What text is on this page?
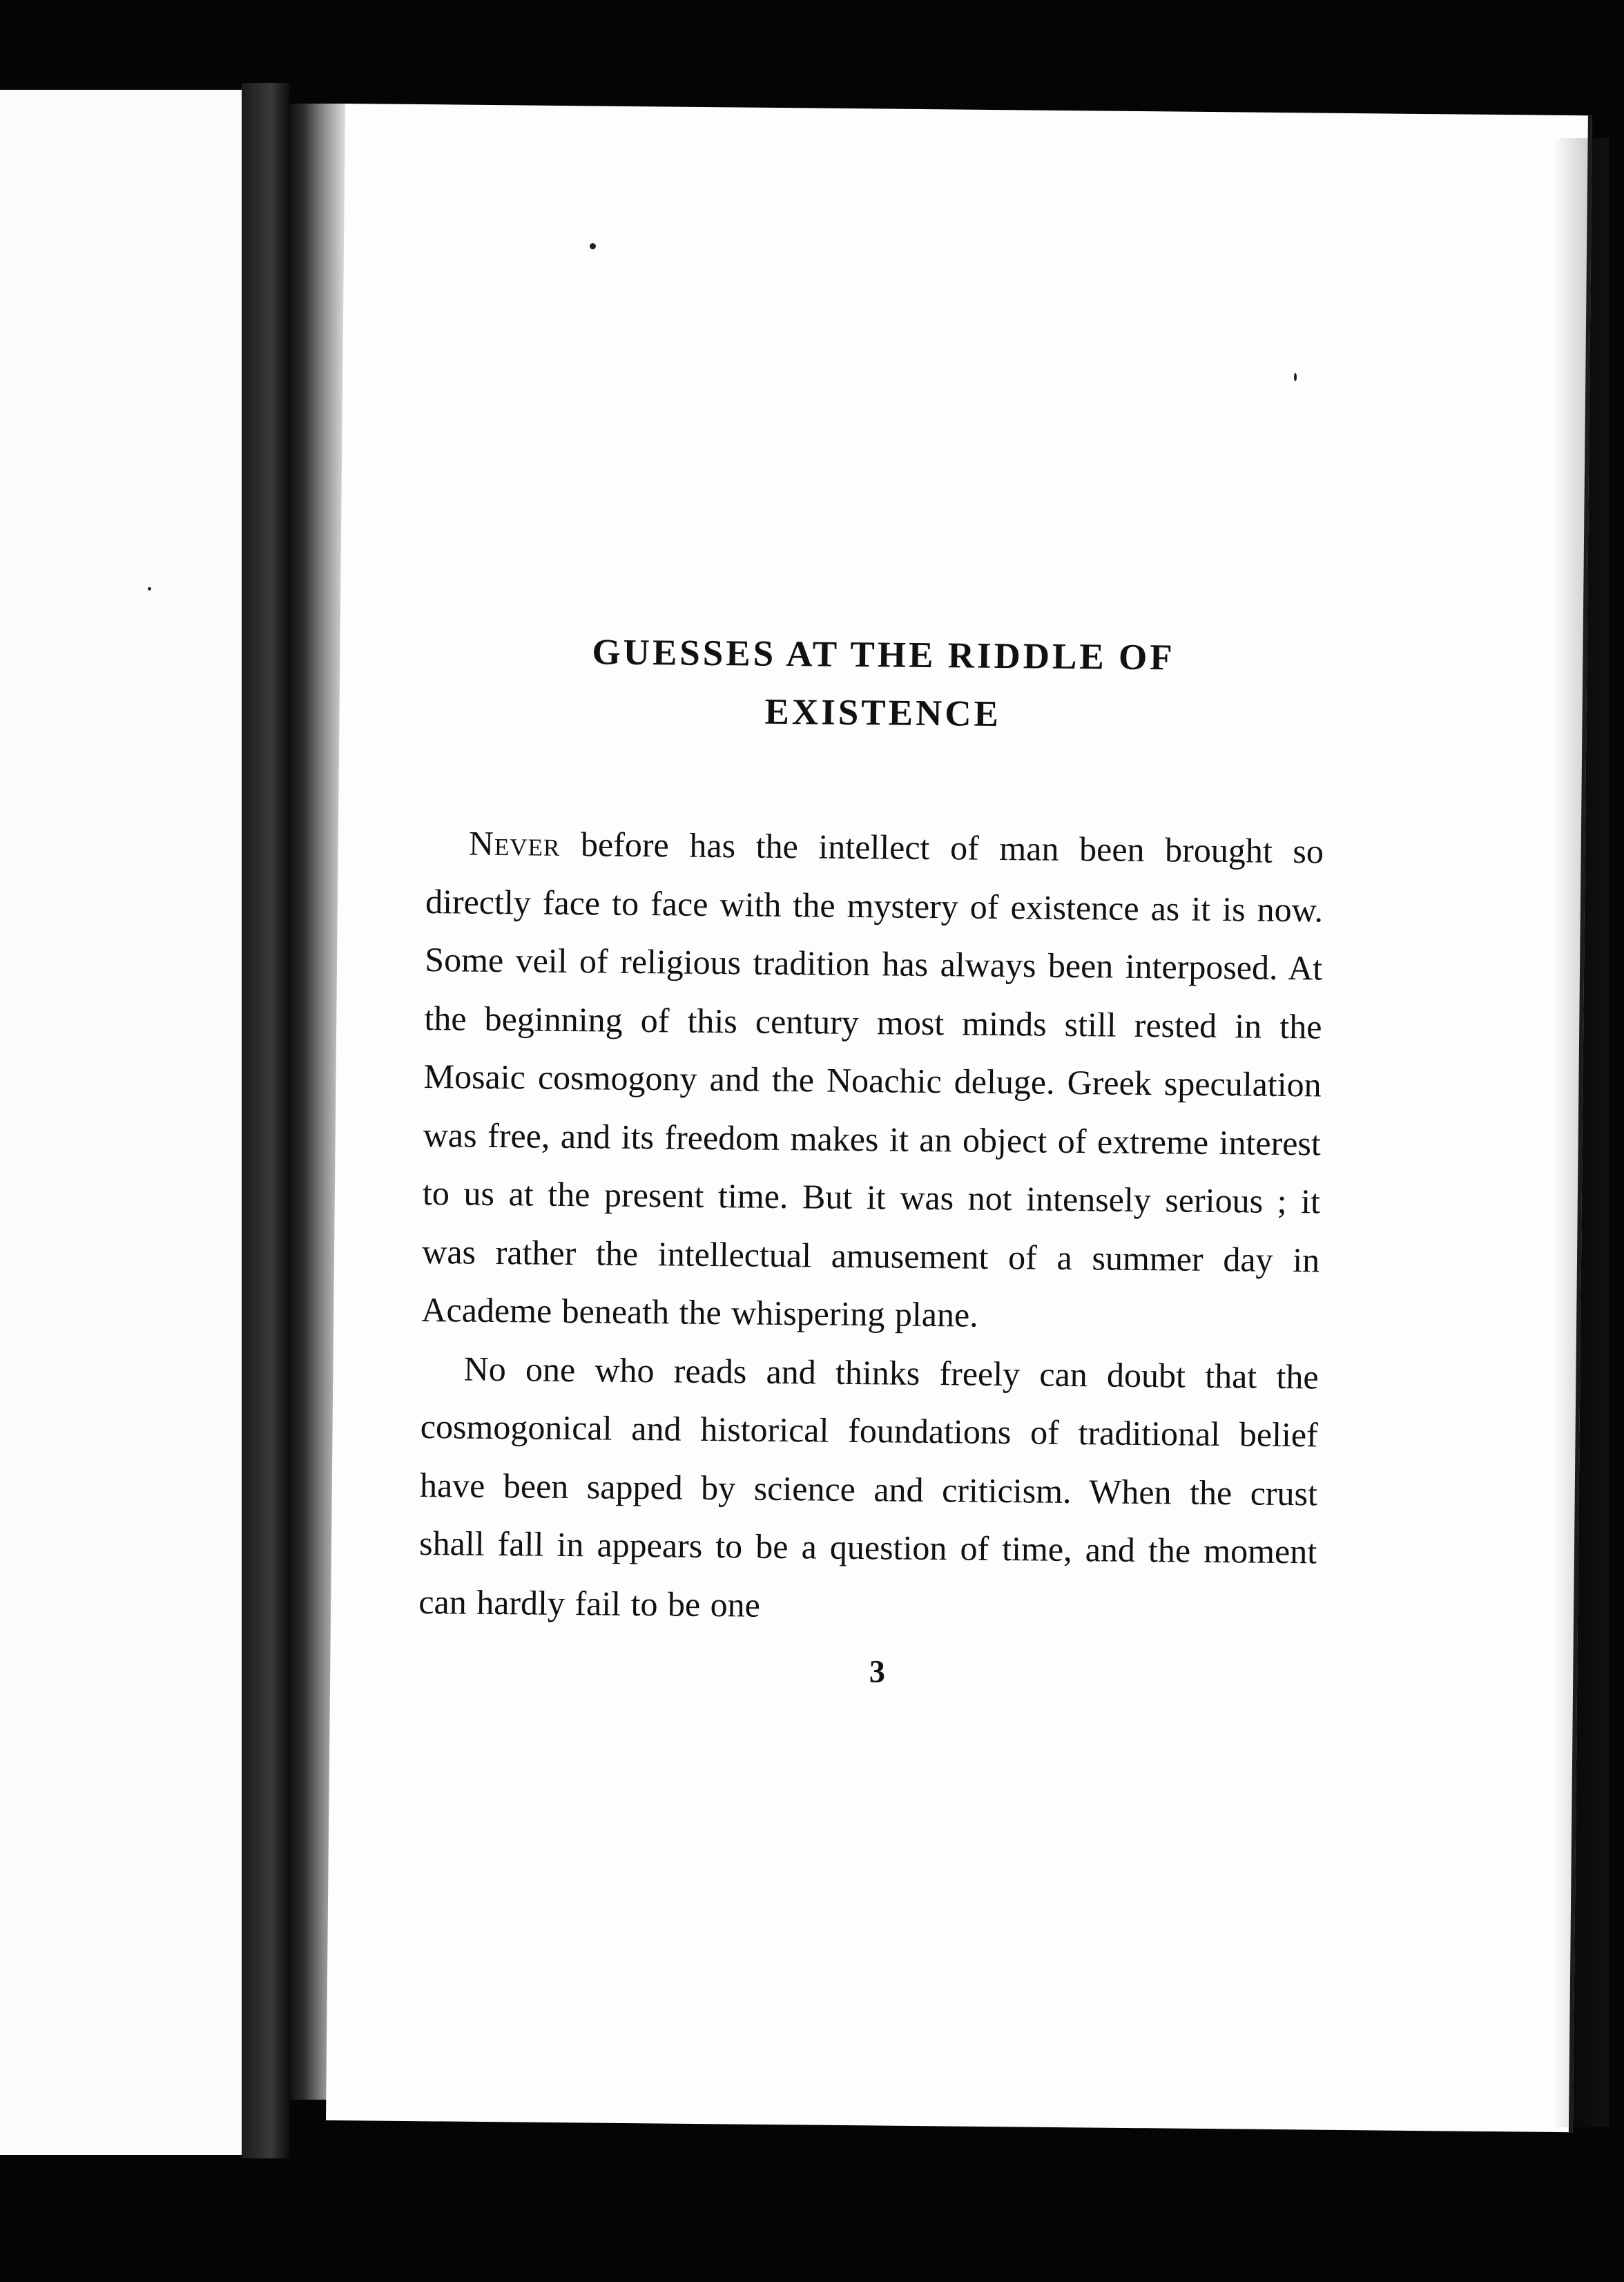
GUESSES AT THE RIDDLE OF
EXISTENCE

Never before has the intellect of man been brought so directly face to face with the mystery of existence as it is now. Some veil of religious tradition has always been interposed. At the beginning of this century most minds still rested in the Mosaic cosmogony and the Noachic deluge. Greek speculation was free, and its freedom makes it an object of extreme interest to us at the present time. But it was not intensely serious ; it was rather the intellectual amusement of a summer day in Academe beneath the whispering plane.

No one who reads and thinks freely can doubt that the cosmogonical and historical foundations of traditional belief have been sapped by science and criticism. When the crust shall fall in appears to be a question of time, and the moment can hardly fail to be one

3
